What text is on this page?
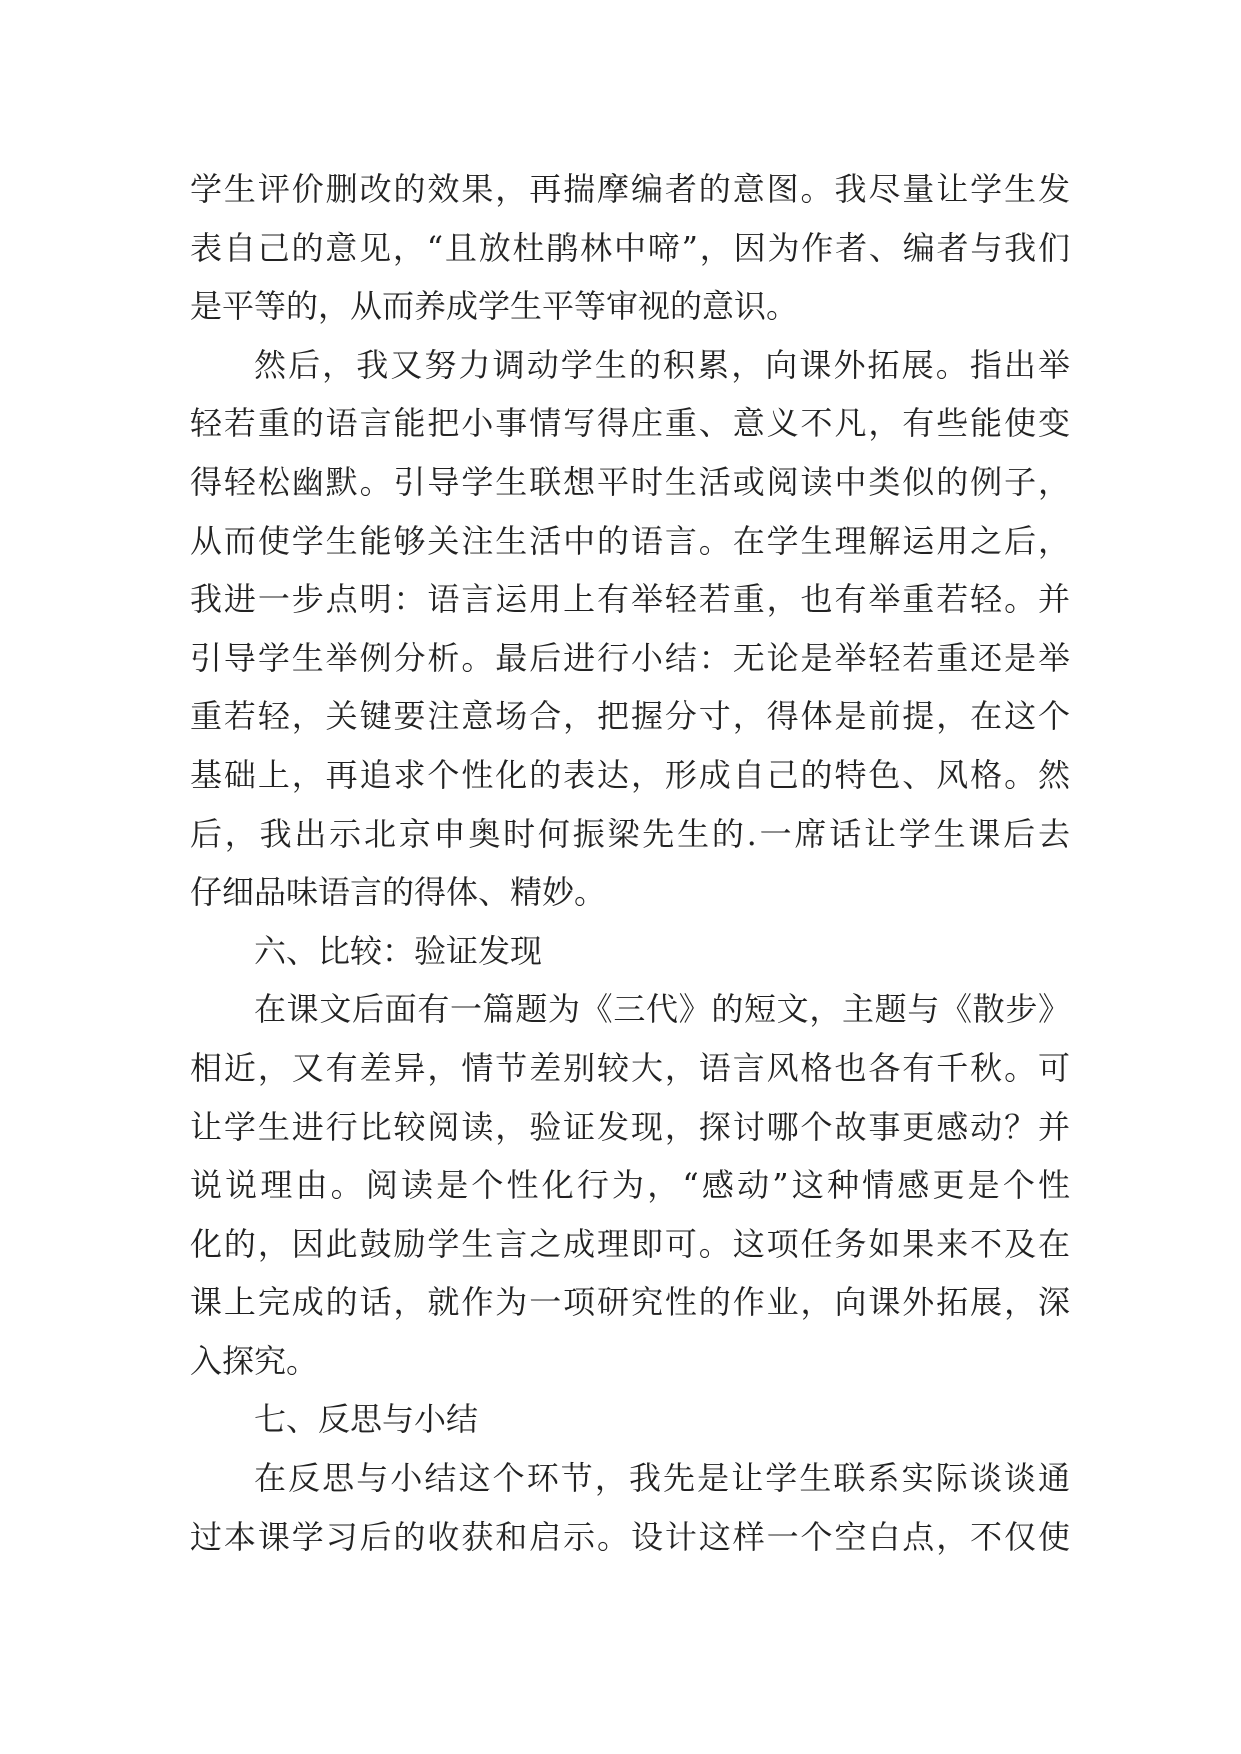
学生评价删改的效果，再揣摩编者的意图。我尽量让学生发
表自己的意见，“且放杜鹃林中啼”，因为作者、编者与我们
是平等的，从而养成学生平等审视的意识。
然后，我又努力调动学生的积累，向课外拓展。指出举
轻若重的语言能把小事情写得庄重、意义不凡，有些能使变
得轻松幽默。引导学生联想平时生活或阅读中类似的例子，
从而使学生能够关注生活中的语言。在学生理解运用之后，
我进一步点明：语言运用上有举轻若重，也有举重若轻。并
引导学生举例分析。最后进行小结：无论是举轻若重还是举
重若轻，关键要注意场合，把握分寸，得体是前提，在这个
基础上，再追求个性化的表达，形成自己的特色、风格。然
后，我出示北京申奥时何振梁先生的.一席话让学生课后去
仔细品味语言的得体、精妙。
六、比较：验证发现
在课文后面有一篇题为《三代》的短文，主题与《散步》
相近，又有差异，情节差别较大，语言风格也各有千秋。可
让学生进行比较阅读，验证发现，探讨哪个故事更感动？并
说说理由。阅读是个性化行为，“感动”这种情感更是个性
化的，因此鼓励学生言之成理即可。这项任务如果来不及在
课上完成的话，就作为一项研究性的作业，向课外拓展，深
入探究。
七、反思与小结
在反思与小结这个环节，我先是让学生联系实际谈谈通
过本课学习后的收获和启示。设计这样一个空白点，不仅使
